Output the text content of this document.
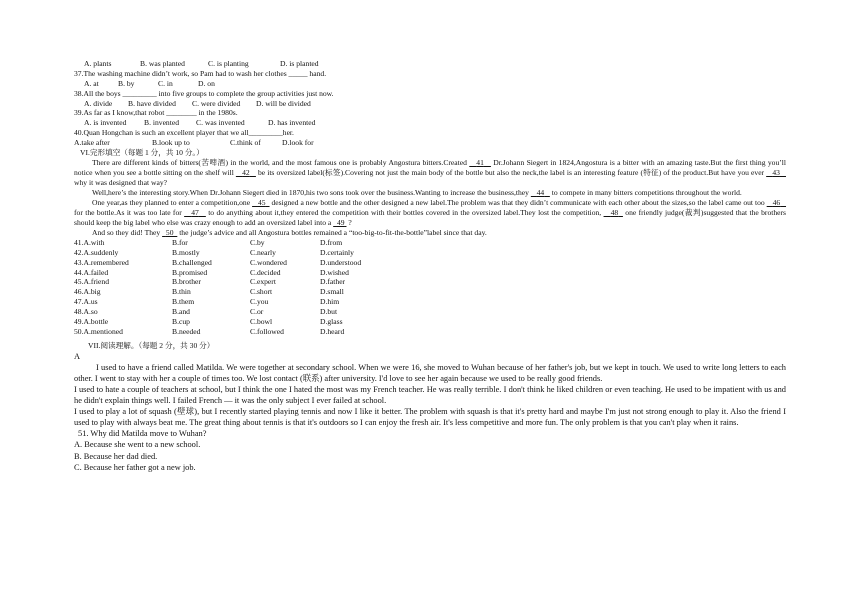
A. plants	B. was planted	C. is planting	D. is planted
37.The washing machine didn’t work, so Pam had to wash her clothes _____ hand.
A. at	B. by	C. in	D. on
38.All the boys _________ into five groups to complete the group activities just now.
A. divide B. have divided C. were divided D. will be divided
39.As far as I know,that robot ________ in the 1980s.
A. is invented B. invented C. was invented	D. has invented
40.Quan Hongchan is such an excellent player that we all_________her.
A.take after	B.look up to	C.think of	D.look for
VI.完形填空（每题 1 分，共 10 分。）
There are different kinds of bitters(苦啤酒) in the world, and the most famous one is probably Angostura bitters.Created    41    Dr.Johann Siegert in 1824,Angostura is a bitter with an amazing taste.But the first thing you’ll notice when you see a bottle sitting on the shelf will    42    be its oversized label(标签).Covering not just the main body of the bottle but also the neck,the label is an interesting feature (特征) of the product.But have you ever    43    why it was designed that way?
Well,here’s the interesting story.When Dr.Johann Siegert died in 1870,his two sons took over the business.Wanting to increase the business,they    44    to compete in many bitters competitions throughout the world.
One year,as they planned to enter a competition,one    45   designed a new bottle and the other designed a new label.The problem was that they didn’t communicate with each other about the sizes,so the label came out too    46    for the bottle.As it was too late for    47    to do anything about it,they entered the competition with their bottles covered in the oversized label.They lost the competition,    48   one friendly judge(裁判)suggested that the brothers should keep the big label who else was crazy enough to add an oversized label into a   49  ?
And so they did! They   50   the judge’s advice and all Angostura bottles remained a “too-big-to-fit-the-bottle”label since that day.
41.A.with	B.for	C.by	D.from
42.A.suddenly	B.mostly	C.nearly	D.certainly
43.A.remembered	B.challenged	C.wondered	D.understood
44.A.failed	B.promised	C.decided	D.wished
45.A.friend	B.brother	C.expert	D.father
46.A.big	B.thin	C.short	D.small
47.A.us	B.them	C.you	D.him
48.A.so	B.and	C.or	D.but
49.A.bottle	B.cup	C.bowl	D.glass
50.A.mentioned	B.needed	C.followed	D.heard
VII.阅读理解。（每题 2 分，共 30 分）
A
I used to have a friend called Matilda. We were together at secondary school. When we were 16, she moved to Wuhan because of her father's job, but we kept in touch. We used to write long letters to each other. I went to stay with her a couple of times too. We lost contact (联系) after university. I'd love to see her again because we used to be really good friends.
I used to hate a couple of teachers at school, but I think the one I hated the most was my French teacher. He was really terrible. I don't think he liked children or even teaching. He used to be impatient with us and he didn't explain things well. I failed French — it was the only subject I ever failed at school.
I used to play a lot of squash (壁球), but I recently started playing tennis and now I like it better. The problem with squash is that it's pretty hard and maybe I'm just not strong enough to play it. Also the friend I used to play with always beat me. The great thing about tennis is that it's outdoors so I can enjoy the fresh air. It's less competitive and more fun. The only problem is that you can't play when it rains.
51. Why did Matilda move to Wuhan?
A. Because she went to a new school.
B. Because her dad died.
C. Because her father got a new job.
